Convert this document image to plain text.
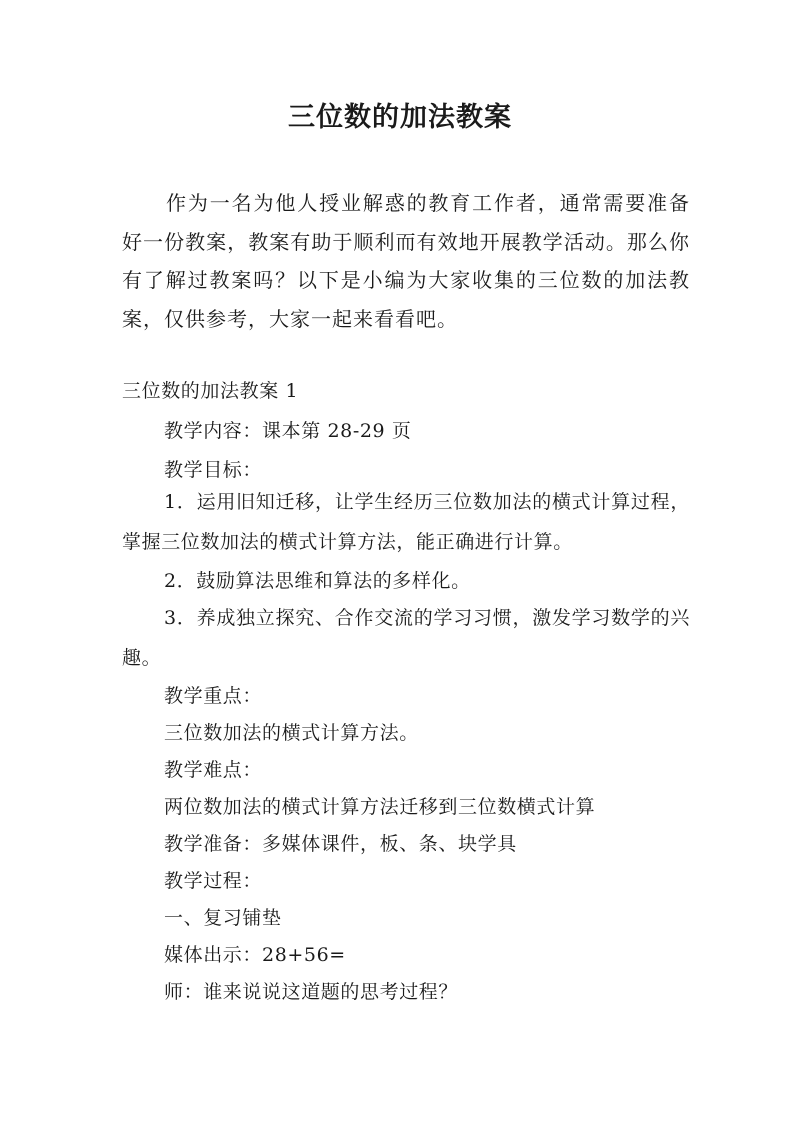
三位数的加法教案

作为一名为他人授业解惑的教育工作者，通常需要准备好一份教案，教案有助于顺利而有效地开展教学活动。那么你有了解过教案吗？以下是小编为大家收集的三位数的加法教案，仅供参考，大家一起来看看吧。

三位数的加法教案 1

教学内容：课本第 28-29 页

教学目标：

1．运用旧知迁移，让学生经历三位数加法的横式计算过程，掌握三位数加法的横式计算方法，能正确进行计算。

2．鼓励算法思维和算法的多样化。

3．养成独立探究、合作交流的学习习惯，激发学习数学的兴趣。

教学重点：

三位数加法的横式计算方法。

教学难点：

两位数加法的横式计算方法迁移到三位数横式计算

教学准备：多媒体课件，板、条、块学具

教学过程：

一、复习铺垫

媒体出示：28+56=

师：谁来说说这道题的思考过程？
